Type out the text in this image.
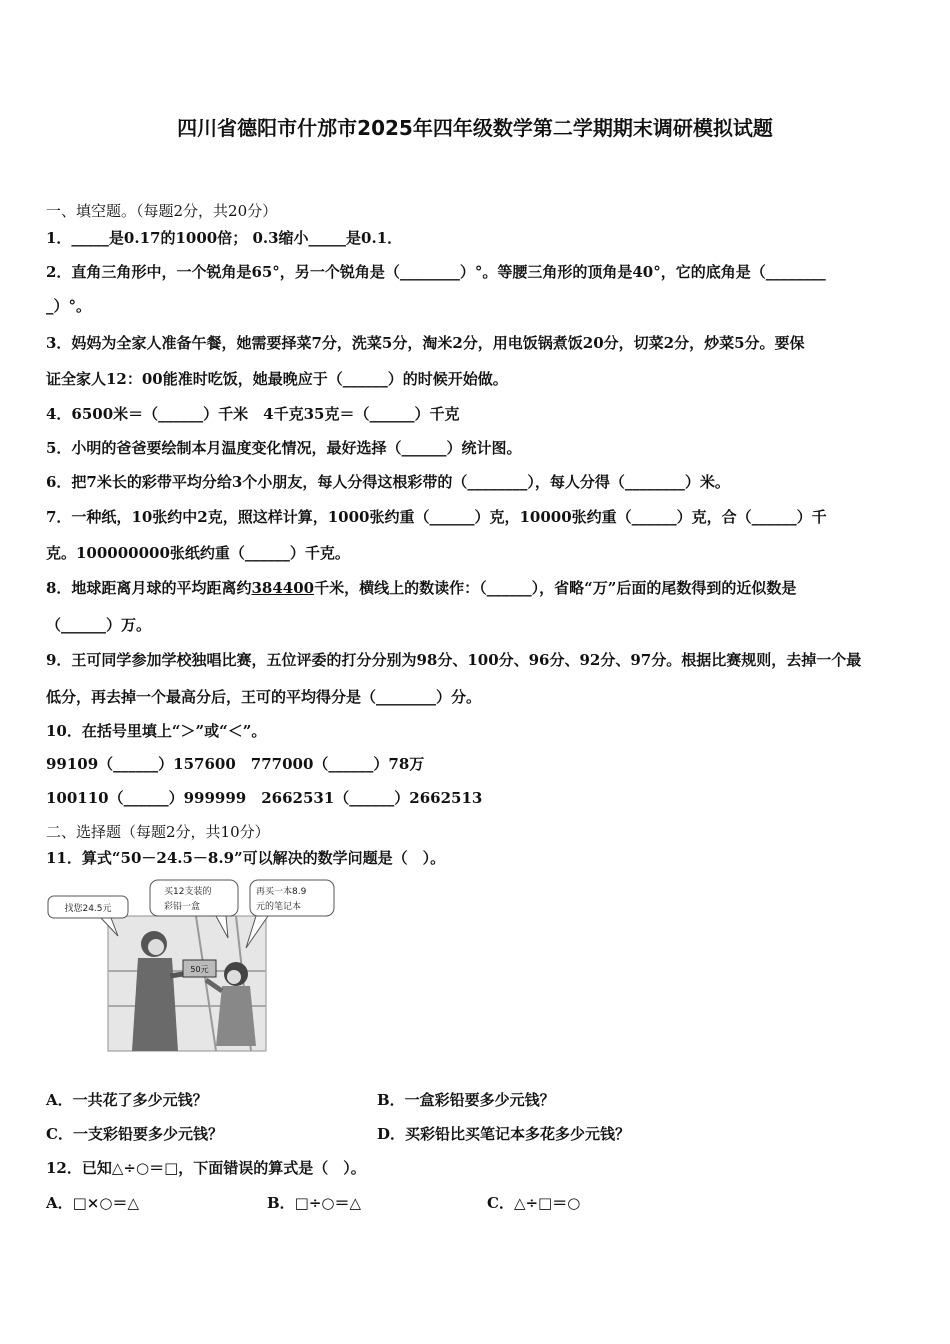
四川省德阳市什邡市2025年四年级数学第二学期期末调研模拟试题
一、填空题。（每题2分，共20分）
1．_____是0.17的1000倍； 0.3缩小_____是0.1．
2．直角三角形中，一个锐角是65°，另一个锐角是（________）°。等腰三角形的顶角是40°，它的底角是（________
_）°。
3．妈妈为全家人准备午餐，她需要择菜7分，洗菜5分，淘米2分，用电饭锅煮饭20分，切菜2分，炒菜5分。要保
证全家人12：00能准时吃饭，她最晚应于（______）的时候开始做。
4．6500米＝（______）千米　4千克35克＝（______）千克
5．小明的爸爸要绘制本月温度变化情况，最好选择（______）统计图。
6．把7米长的彩带平均分给3个小朋友，每人分得这根彩带的（________），每人分得（________）米。
7．一种纸，10张约中2克，照这样计算，1000张约重（______）克，10000张约重（______）克，合（______）千
克。100000000张纸约重（______）千克。
8．地球距离月球的平均距离约384400千米，横线上的数读作：（______），省略“万”后面的尾数得到的近似数是
（______）万。
9．王可同学参加学校独唱比赛，五位评委的打分分别为98分、100分、96分、92分、97分。根据比赛规则，去掉一个最
低分，再去掉一个最高分后，王可的平均得分是（________）分。
10．在括号里填上“＞”或“＜”。
99109（______）157600　777000（______）78万
100110（______）999999　2662531（______）2662513
二、选择题（每题2分，共10分）
11．算式“50－24.5－8.9”可以解决的数学问题是（　）。
50元
找您24.5元
买12支装的
彩铅一盒
再买一本8.9
元的笔记本
A．一共花了多少元钱？	B．一盒彩铅要多少元钱？
C．一支彩铅要多少元钱？	D．买彩铅比买笔记本多花多少元钱？
12．已知△÷○＝□，下面错误的算式是（　）。
A．□×○＝△	B．□÷○＝△	C．△÷□＝○
